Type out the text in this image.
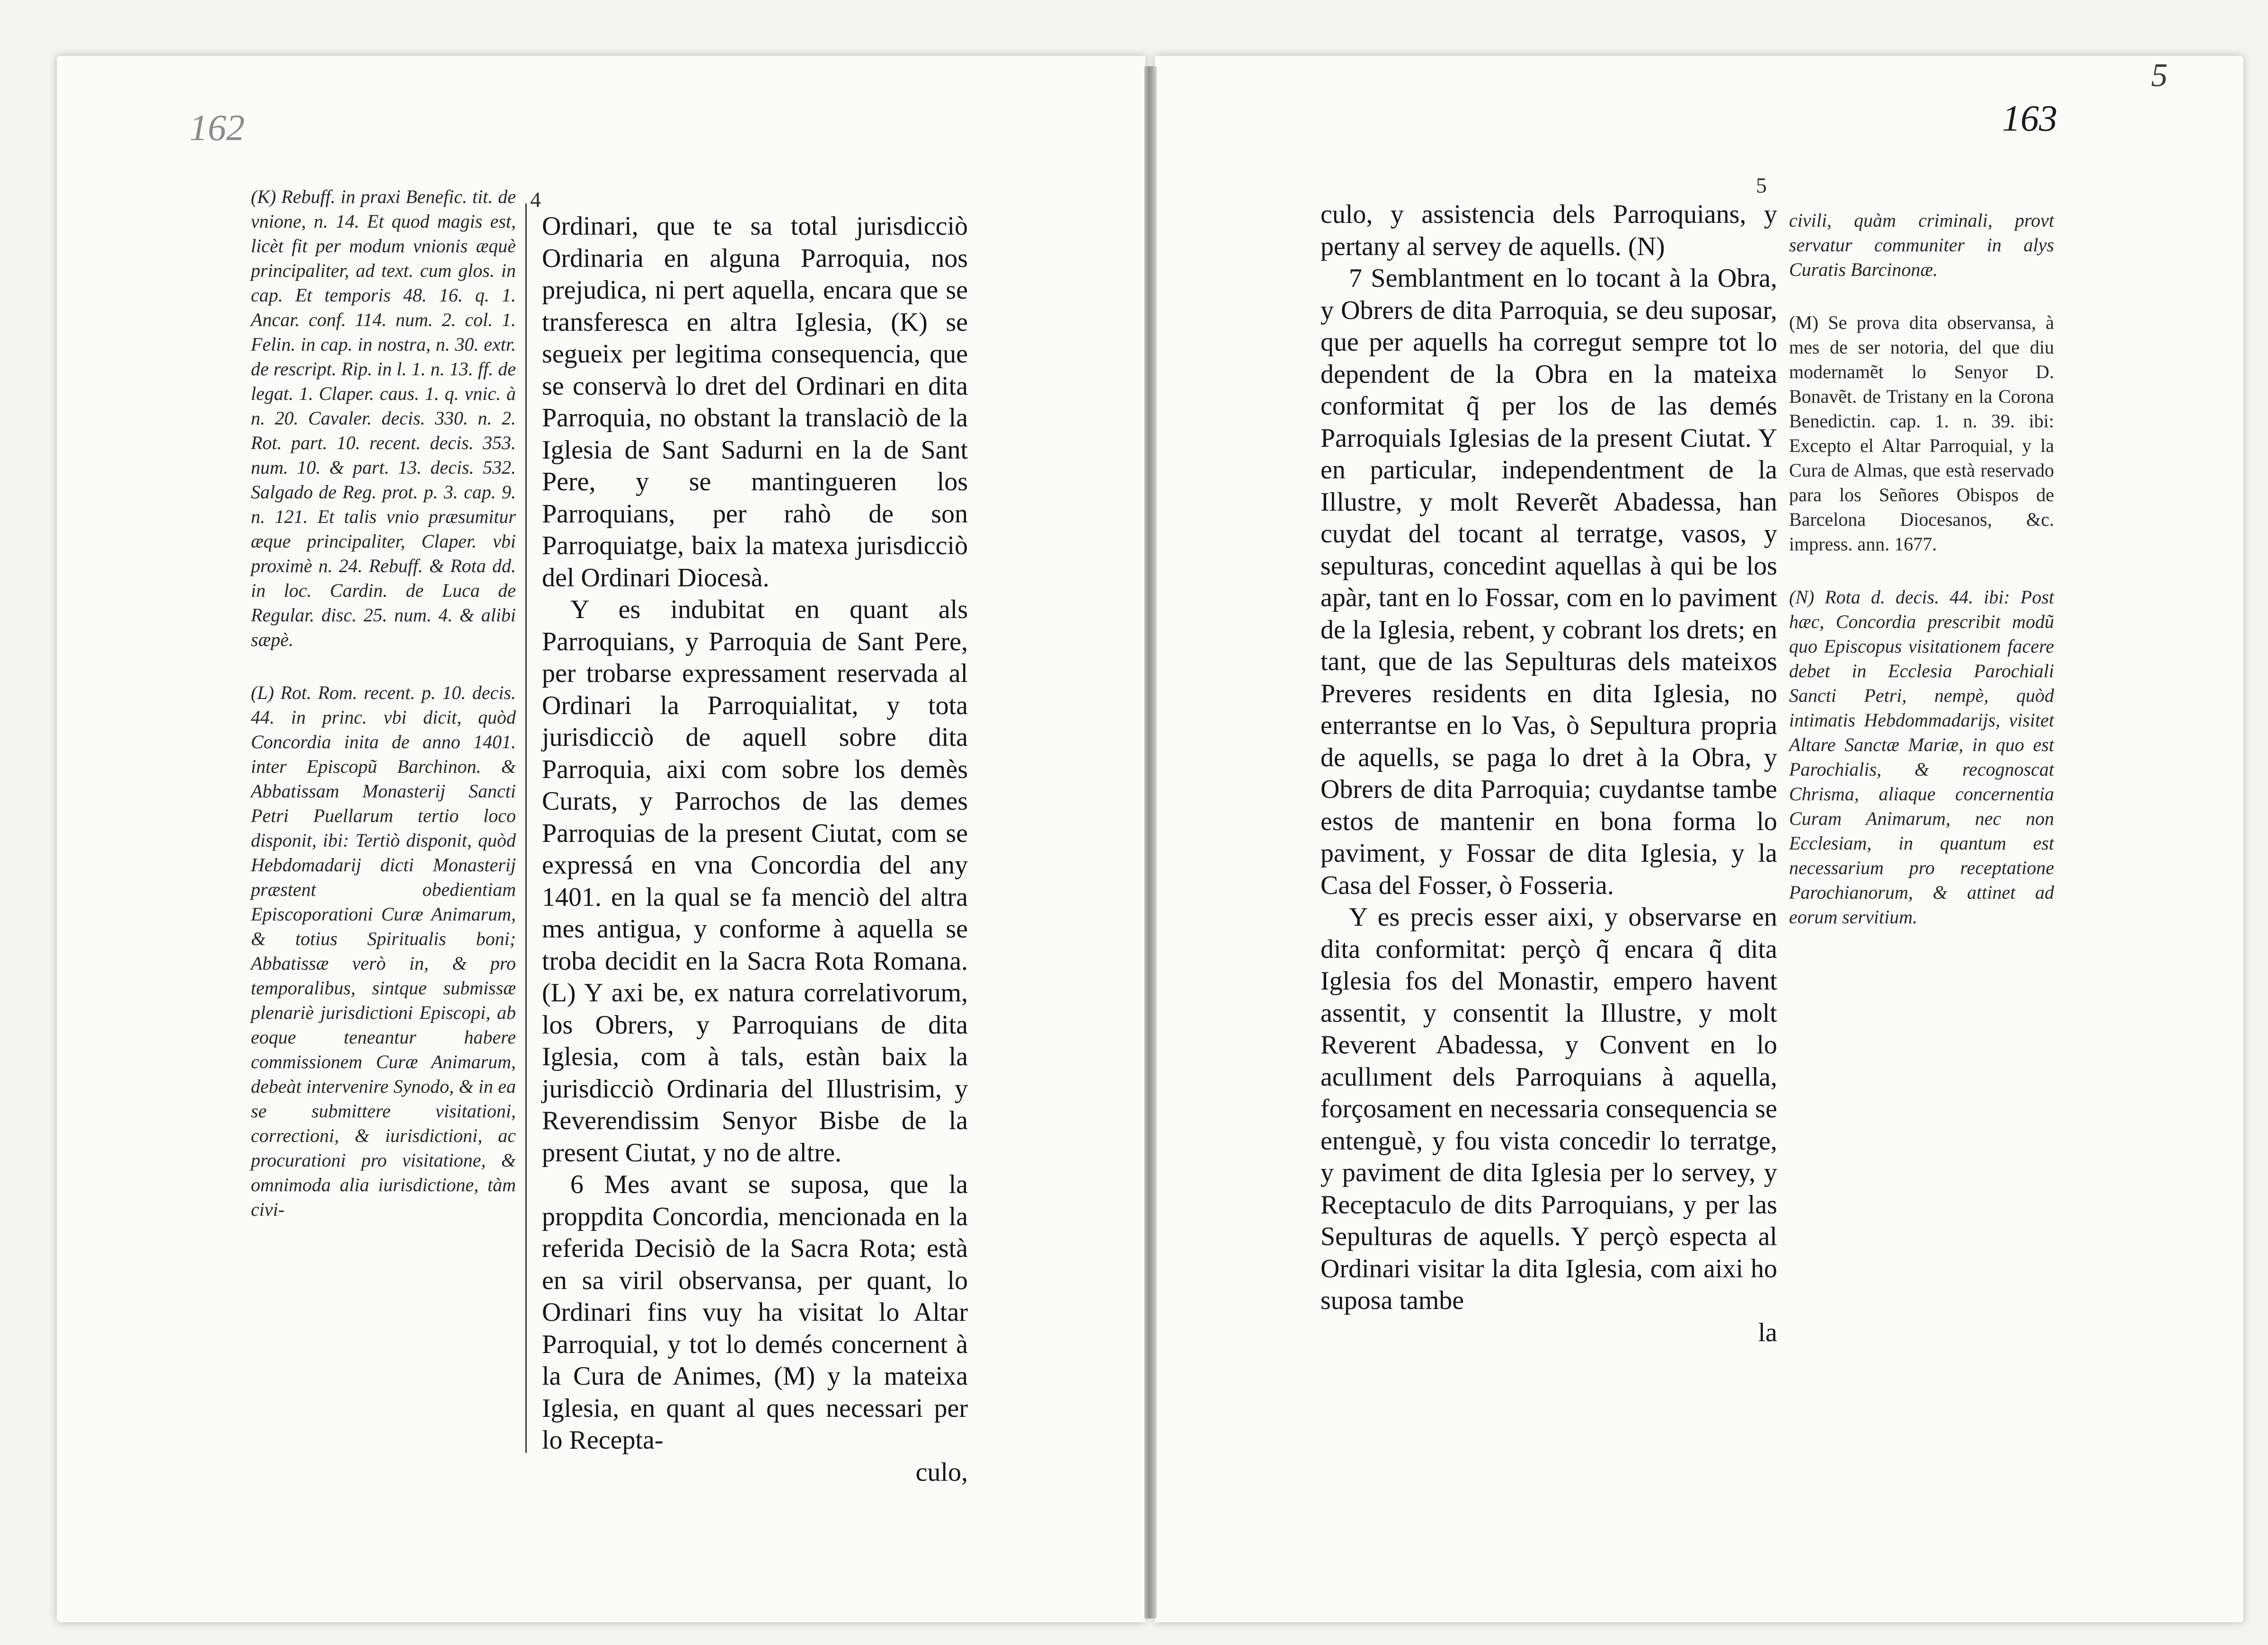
162	163
5
4
5

(K) Rebuff. in praxi Benefic. tit. de vnione, n. 14. Et quod magis est, licèt fit per modum vnionis æquè principaliter, ad text. cum glos. in cap. Et temporis 48. 16. q. 1. Ancar. conf. 114. num. 2. col. 1. Felin. in cap. in nostra, n. 30. extr. de rescript. Rip. in l. 1. n. 13. ff. de legat. 1. Claper. caus. 1. q. vnic. à n. 20. Cavaler. decis. 330. n. 2. Rot. part. 10. recent. decis. 353. num. 10. & part. 13. decis. 532. Salgado de Reg. prot. p. 3. cap. 9. n. 121. Et talis vnio præsumitur æque principaliter, Claper. vbi proximè n. 24. Rebuff. & Rota dd. in loc. Cardin. de Luca de Regular. disc. 25. num. 4. & alibi sæpè.

(L) Rot. Rom. recent. p. 10. decis. 44. in princ. vbi dicit, quòd Concordia inita de anno 1401. inter Episcopũ Barchinon. & Abbatissam Monasterij Sancti Petri Puellarum tertio loco disponit, ibi: Tertiò disponit, quòd Hebdomadarij dicti Monasterij præstent obedientiam Episcoporationi Curæ Animarum, & totius Spiritualis boni; Abbatissæ verò in, & pro temporalibus, sintque submissæ plenariè jurisdictioni Episcopi, ab eoque teneantur habere commissionem Curæ Animarum, debeàt intervenire Synodo, & in ea se submittere visitationi, correctioni, & iurisdictioni, ac procurationi pro visitatione, & omnimoda alia iurisdictione, tàm civi-

Ordinari, que te sa total jurisdicciò Ordinaria en alguna Parroquia, nos prejudica, ni pert aquella, encara que se transferesca en altra Iglesia, (K) se segueix per legitima consequencia, que se conservà lo dret del Ordinari en dita Parroquia, no obstant la translaciò de la Iglesia de Sant Sadurni en la de Sant Pere, y se mantingueren los Parroquians, per rahò de son Parroquiatge, baix la matexa jurisdicciò del Ordinari Diocesà.

Y es indubitat en quant als Parroquians, y Parroquia de Sant Pere, per trobarse expressament reservada al Ordinari la Parroquialitat, y tota jurisdicciò de aquell sobre dita Parroquia, aixi com sobre los demès Curats, y Parrochos de las demes Parroquias de la present Ciutat, com se expressá en vna Concordia del any 1401. en la qual se fa menciò del altra mes antigua, y conforme à aquella se troba decidit en la Sacra Rota Romana. (L) Y axi be, ex natura correlativorum, los Obrers, y Parroquians de dita Iglesia, com à tals, estàn baix la jurisdicciò Ordinaria del Illustrisim, y Reverendissim Senyor Bisbe de la present Ciutat, y no de altre.

6 Mes avant se suposa, que la proppdita Concordia, mencionada en la referida Decisiò de la Sacra Rota; està en sa viril observansa, per quant, lo Ordinari fins vuy ha visitat lo Altar Parroquial, y tot lo demés concernent à la Cura de Animes, (M) y la mateixa Iglesia, en quant al ques necessari per lo Recepta-

culo,

culo, y assistencia dels Parroquians, y pertany al servey de aquells. (N)

7 Semblantment en lo tocant à la Obra, y Obrers de dita Parroquia, se deu suposar, que per aquells ha corregut sempre tot lo dependent de la Obra en la mateixa conformitat q̃ per los de las demés Parroquials Iglesias de la present Ciutat. Y en particular, independentment de la Illustre, y molt Reverẽt Abadessa, han cuydat del tocant al terratge, vasos, y sepulturas, concedint aquellas à qui be los apàr, tant en lo Fossar, com en lo paviment de la Iglesia, rebent, y cobrant los drets; en tant, que de las Sepulturas dels mateixos Preveres residents en dita Iglesia, no enterrantse en lo Vas, ò Sepultura propria de aquells, se paga lo dret à la Obra, y Obrers de dita Parroquia; cuydantse tambe estos de mantenir en bona forma lo paviment, y Fossar de dita Iglesia, y la Casa del Fosser, ò Fosseria.

Y es precis esser aixi, y observarse en dita conformitat: perçò q̃ encara q̃ dita Iglesia fos del Monastir, empero havent assentit, y consentit la Illustre, y molt Reverent Abadessa, y Convent en lo acullıment dels Parroquians à aquella, forçosament en necessaria consequencia se entenguè, y fou vista concedir lo terratge, y paviment de dita Iglesia per lo servey, y Receptaculo de dits Parroquians, y per las Sepulturas de aquells. Y perçò especta al Ordinari visitar la dita Iglesia, com aixi ho suposa tambe

la

civili, quàm criminali, provt servatur communiter in alys Curatis Barcinonæ.

(M) Se prova dita observansa, à mes de ser notoria, del que diu modernamẽt lo Senyor D. Bonavẽt. de Tristany en la Corona Benedictin. cap. 1. n. 39. ibi: Excepto el Altar Parroquial, y la Cura de Almas, que està reservado para los Señores Obispos de Barcelona Diocesanos, &c. impress. ann. 1677.

(N) Rota d. decis. 44. ibi: Post hæc, Concordia prescribit modũ quo Episcopus visitationem facere debet in Ecclesia Parochiali Sancti Petri, nempè, quòd intimatis Hebdommadarijs, visitet Altare Sanctæ Mariæ, in quo est Parochialis, & recognoscat Chrisma, aliaque concernentia Curam Animarum, nec non Ecclesiam, in quantum est necessarium pro receptatione Parochianorum, & attinet ad eorum servitium.
